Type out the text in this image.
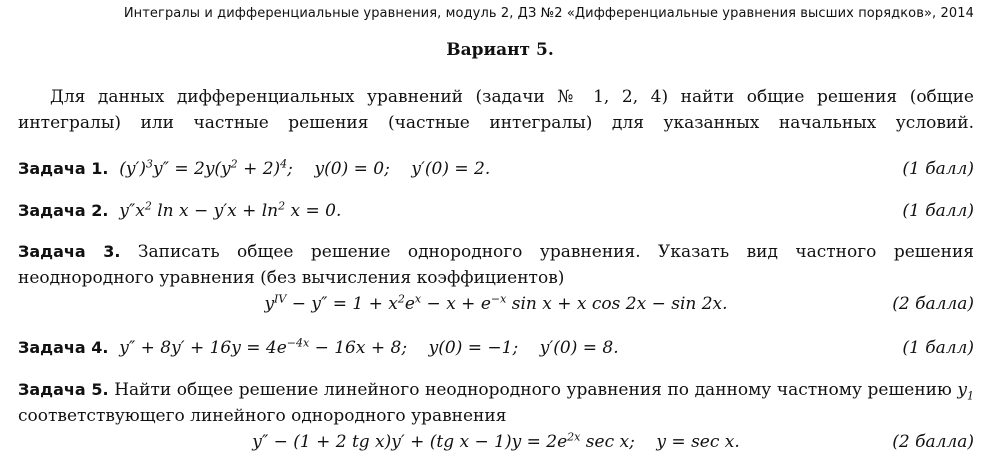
Интегралы и дифференциальные уравнения, модуль 2, ДЗ №2 «Дифференциальные уравнения высших порядков», 2014
Вариант 5.
Для данных дифференциальных уравнений (задачи № 1, 2, 4) найти общие решения (общие интегралы) или частные решения (частные интегралы) для указанных начальных условий.
Задача 1.  $(y')^3y'' = 2y(y^2 + 2)^4$;    y(0) = 0;    y′(0) = 2.	(1 балл)
Задача 2.  $y''x^2$ $\ln x - y'x + \ln^2 x = 0$.	(1 балл)
Задача 3. Записать общее решение однородного уравнения. Указать вид частного решения неоднородного уравнения (без вычисления коэффициентов)
$y^{IV} - y'' = 1 + x^2e^x - x + e^{-x}$ sin x + x cos 2x − sin 2x.	(2 балла)
Задача 4.  $y'' + 8y' + 16y = 4e^{-4x} - 16x + 8$;    y(0) = −1;    y′(0) = 8.	(1 балл)
Задача 5. Найти общее решение линейного неоднородного уравнения по данному частному решению $y_1$
соответствующего линейного однородного уравнения
y″ − (1 + 2 tg x)y′ + (tg $x - 1)y = 2e^{2x}$ sec x;    y = sec x.	(2 балла)
